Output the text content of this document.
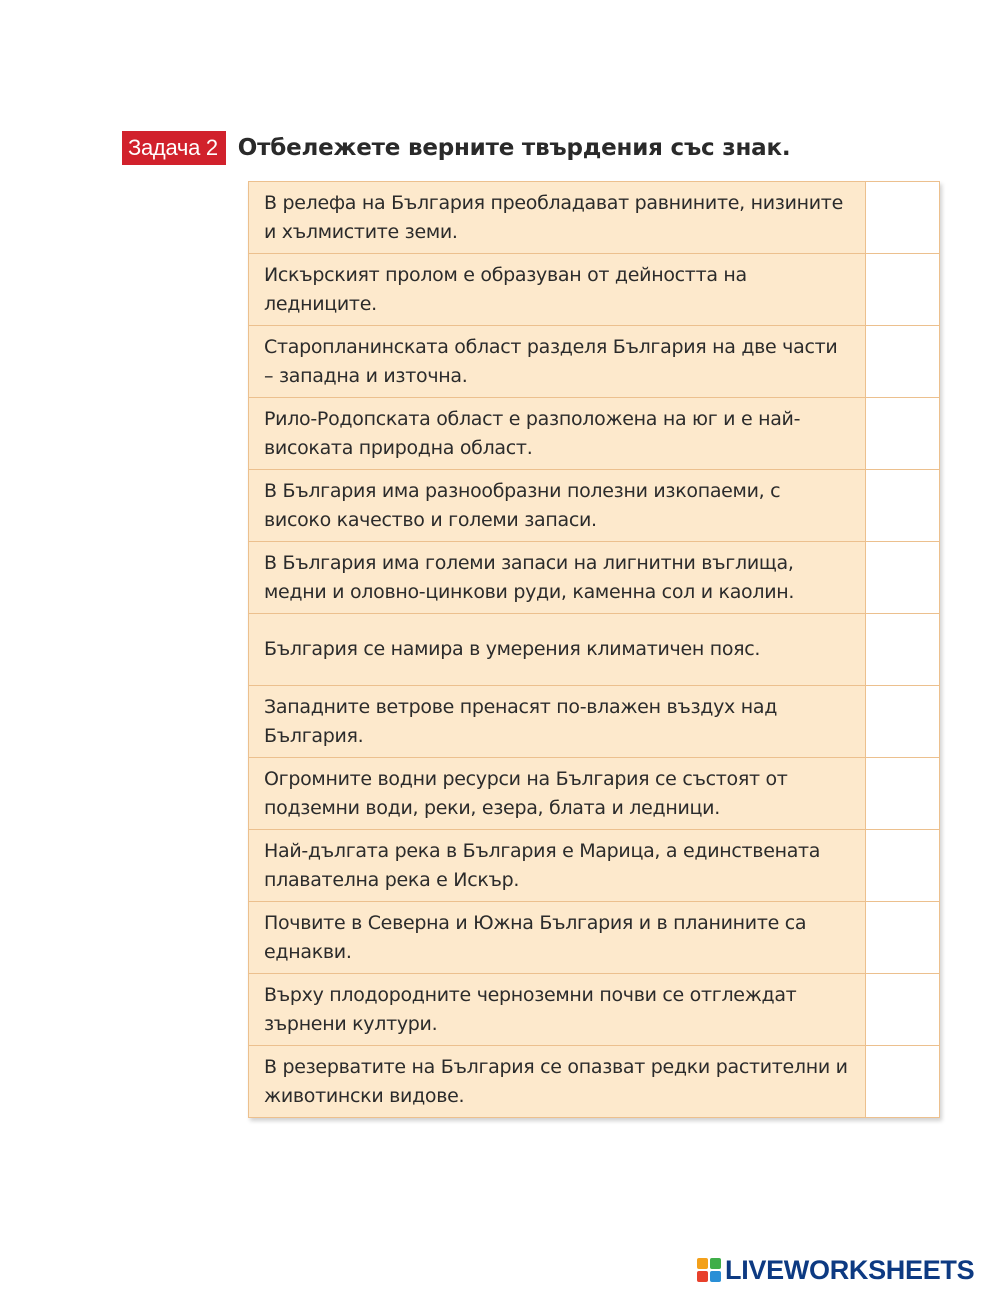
Задача 2 Отбележете верните твърдения със знак.
В релефа на България преобладават равнините, низините и хълмистите земи.	
Искърският пролом е образуван от дейността на ледниците.	
Старопланинската област разделя България на две части – западна и източна.	
Рило-Родопската област е разположена на юг и е най-високата природна област.	
В България има разнообразни полезни изкопаеми, с високо качество и големи запаси.	
В България има големи запаси на лигнитни въглища, медни и оловно-цинкови руди, каменна сол и каолин.	
България се намира в умерения климатичен пояс.	
Западните ветрове пренасят по-влажен въздух над България.	
Огромните водни ресурси на България се състоят от подземни води, реки, езера, блата и ледници.	
Най-дългата река в България е Марица, а единствената плавателна река е Искър.	
Почвите в Северна и Южна България и в планините са еднакви.	
Върху плодородните черноземни почви се отглеждат зърнени култури.	
В резерватите на България се опазват редки растителни и животински видове.	
LIVEWORKSHEETS
